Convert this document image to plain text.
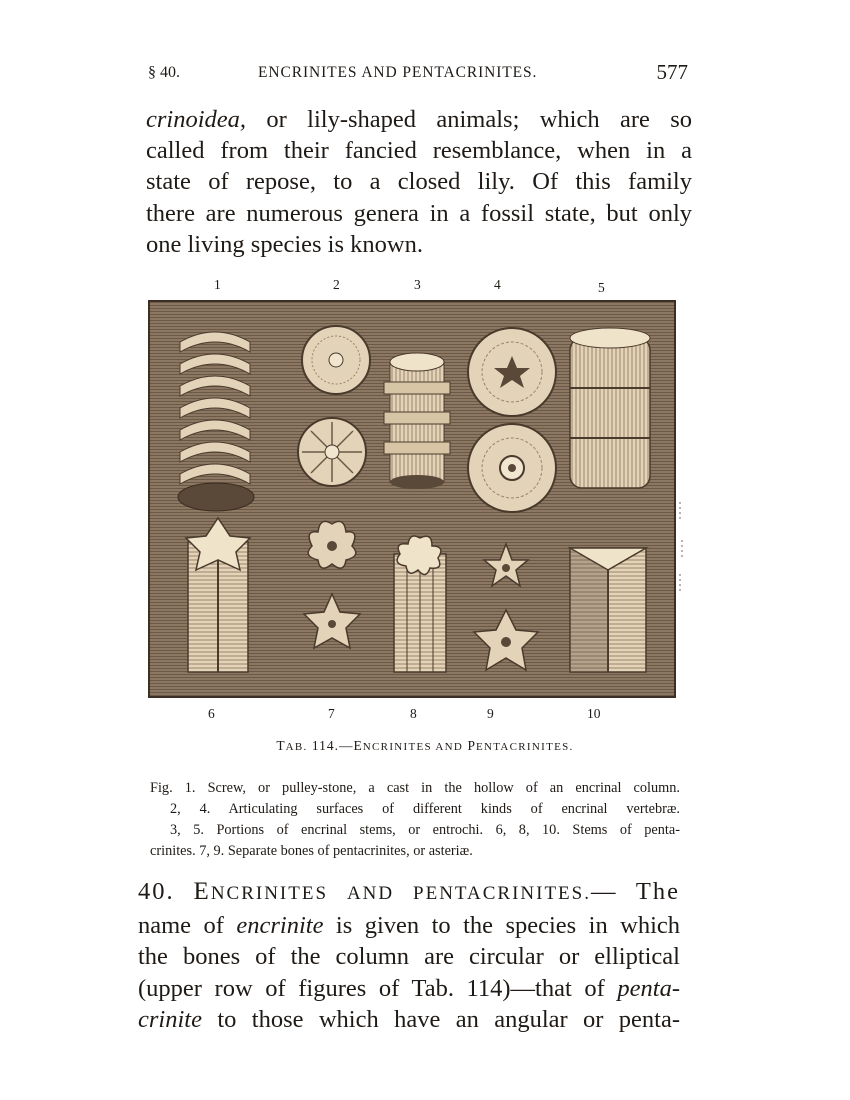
§ 40.	ENCRINITES AND PENTACRINITES.	577

crinoidea, or lily-shaped animals; which are so
called from their fancied resemblance, when in a
state of repose, to a closed lily. Of this family
there are numerous genera in a fossil state, but only
one living species is known.

1	2	3	4	5
6	7	8	9	10
TAB. 114.—ENCRINITES AND PENTACRINITES.
Fig. 1. Screw, or pulley-stone, a cast in the hollow of an encrinal column.
2, 4. Articulating surfaces of different kinds of encrinal vertebræ.
3, 5. Portions of encrinal stems, or entrochi. 6, 8, 10. Stems of penta-
crinites. 7, 9. Separate bones of pentacrinites, or asteriæ.
40. ENCRINITES AND PENTACRINITES.— The
name of encrinite is given to the species in which
the bones of the column are circular or elliptical
(upper row of figures of Tab. 114)—that of penta-
crinite to those which have an angular or penta-
